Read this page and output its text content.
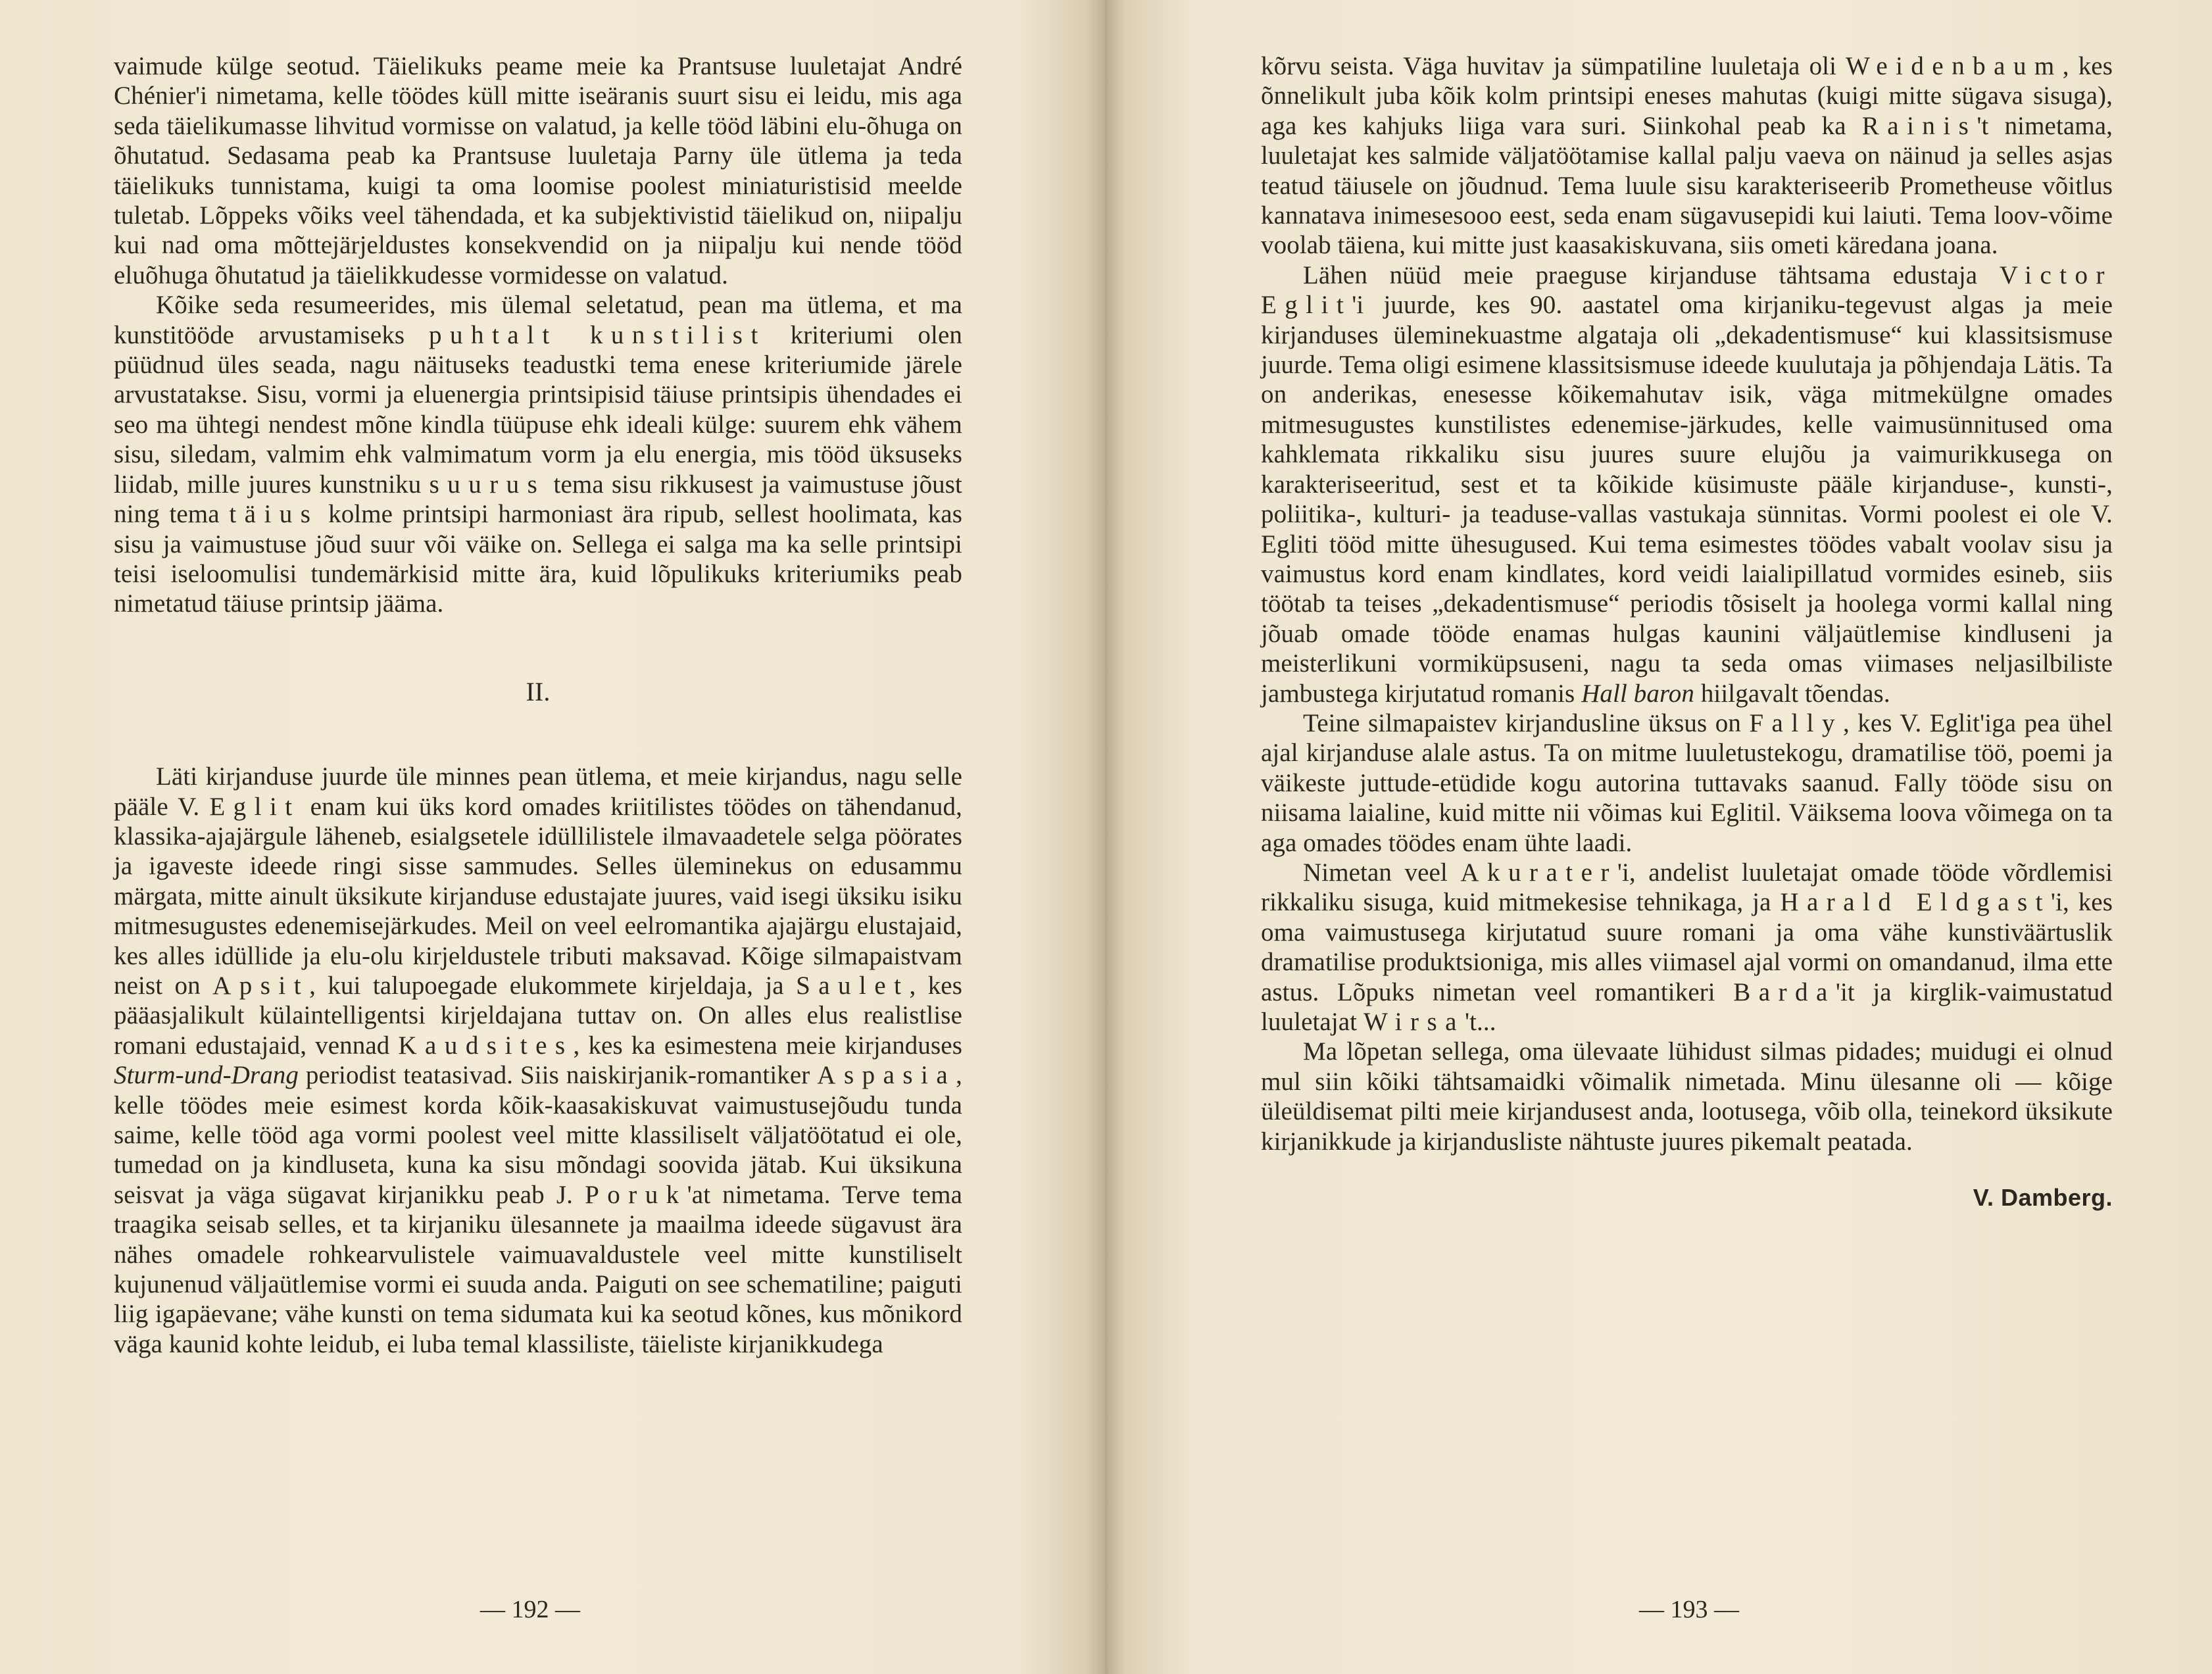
vaimude külge seotud. Täielikuks peame meie ka Prantsuse luuletajat André Chénier'i nimetama, kelle töödes küll mitte iseäranis suurt sisu ei leidu, mis aga seda täielikumasse lihvitud vormisse on valatud, ja kelle tööd läbini elu-õhuga on õhutatud. Sedasama peab ka Prantsuse luuletaja Parny üle ütlema ja teda täielikuks tunnistama, kuigi ta oma loomise poolest miniaturistisid meelde tuletab. Lõppeks võiks veel tähendada, et ka subjektivistid täielikud on, niipalju kui nad oma mõttejärjeldustes konsekvendid on ja niipalju kui nende tööd eluõhuga õhutatud ja täielikkudesse vormidesse on valatud.

Kõike seda resumeerides, mis ülemal seletatud, pean ma ütlema, et ma kunstitööde arvustamiseks puhtalt kunstilist kriteriumi olen püüdnud üles seada, nagu näituseks teadustki tema enese kriteriumide järele arvustatakse. Sisu, vormi ja eluenergia printsipisid täiuse printsipis ühendades ei seo ma ühtegi nendest mõne kindla tüüpuse ehk ideali külge: suurem ehk vähem sisu, siledam, valmim ehk valmimatum vorm ja elu energia, mis tööd üksuseks liidab, mille juures kunstniku suurus tema sisu rikkusest ja vaimustuse jõust ning tema täius kolme printsipi harmoniast ära ripub, sellest hoolimata, kas sisu ja vaimustuse jõud suur või väike on. Sellega ei salga ma ka selle printsipi teisi iseloomulisi tundemärkisid mitte ära, kuid lõpulikuks kriteriumiks peab nimetatud täiuse printsip jääma.

II.

Läti kirjanduse juurde üle minnes pean ütlema, et meie kirjandus, nagu selle pääle V. Eglit enam kui üks kord omades kriitilistes töödes on tähendanud, klassika-ajajärgule läheneb, esialgsetele idüllilistele ilmavaadetele selga pöörates ja igaveste ideede ringi sisse sammudes. Selles üleminekus on edusammu märgata, mitte ainult üksikute kirjanduse edustajate juures, vaid isegi üksiku isiku mitmesugustes edenemisejärkudes. Meil on veel eelromantika ajajärgu elustajaid, kes alles idüllide ja elu-olu kirjeldustele tributi maksavad. Kõige silmapaistvam neist on Apsit, kui talupoegade elukommete kirjeldaja, ja Saulet, kes pääasjalikult külaintelligentsi kirjeldajana tuttav on. On alles elus realistlise romani edustajaid, vennad Kaudsites, kes ka esimestena meie kirjanduses Sturm-und-Drang periodist teatasivad. Siis naiskirjanik-romantiker Aspasia, kelle töödes meie esimest korda kõik-kaasakiskuvat vaimustusejõudu tunda saime, kelle tööd aga vormi poolest veel mitte klassiliselt väljatöötatud ei ole, tumedad on ja kindluseta, kuna ka sisu mõndagi soovida jätab. Kui üksikuna seisvat ja väga sügavat kirjanikku peab J. Poruk'at nimetama. Terve tema traagika seisab selles, et ta kirjaniku ülesannete ja maailma ideede sügavust ära nähes omadele rohkearvulistele vaimuavaldustele veel mitte kunstiliselt kujunenud väljaütlemise vormi ei suuda anda. Paiguti on see schematiline; paiguti liig igapäevane; vähe kunsti on tema sidumata kui ka seotud kõnes, kus mõnikord väga kaunid kohte leidub, ei luba temal klassiliste, täieliste kirjanikkudega

— 192 —

kõrvu seista. Väga huvitav ja sümpatiline luuletaja oli Weidenbaum, kes õnnelikult juba kõik kolm printsipi eneses mahutas (kuigi mitte sügava sisuga), aga kes kahjuks liiga vara suri. Siinkohal peab ka Rainis't nimetama, luuletajat kes salmide väljatöötamise kallal palju vaeva on näinud ja selles asjas teatud täiusele on jõudnud. Tema luule sisu karakteriseerib Prometheuse võitlus kannatava inimesesooo eest, seda enam sügavusepidi kui laiuti. Tema loov-võime voolab täiena, kui mitte just kaasakiskuvana, siis ometi käredana joana.

Lähen nüüd meie praeguse kirjanduse tähtsama edustaja Victor Eglit'i juurde, kes 90. aastatel oma kirjaniku-tegevust algas ja meie kirjanduses üleminekuastme algataja oli „dekadentismuse“ kui klassitsismuse juurde. Tema oligi esimene klassitsismuse ideede kuulutaja ja põhjendaja Lätis. Ta on anderikas, enesesse kõikemahutav isik, väga mitmekülgne omades mitmesugustes kunstilistes edenemise-järkudes, kelle vaimusünnitused oma kahklemata rikkaliku sisu juures suure elujõu ja vaimurikkusega on karakteriseeritud, sest et ta kõikide küsimuste pääle kirjanduse-, kunsti-, poliitika-, kulturi- ja teaduse-vallas vastukaja sünnitas. Vormi poolest ei ole V. Egliti tööd mitte ühesugused. Kui tema esimestes töödes vabalt voolav sisu ja vaimustus kord enam kindlates, kord veidi laialipillatud vormides esineb, siis töötab ta teises „dekadentismuse“ periodis tõsiselt ja hoolega vormi kallal ning jõuab omade tööde enamas hulgas kaunini väljaütlemise kindluseni ja meisterlikuni vormiküpsuseni, nagu ta seda omas viimases neljasilbiliste jambustega kirjutatud romanis Hall baron hiilgavalt tõendas.

Teine silmapaistev kirjandusline üksus on Fally, kes V. Eglit'iga pea ühel ajal kirjanduse alale astus. Ta on mitme luuletustekogu, dramatilise töö, poemi ja väikeste juttude-etüdide kogu autorina tuttavaks saanud. Fally tööde sisu on niisama laialine, kuid mitte nii võimas kui Eglitil. Väiksema loova võimega on ta aga omades töödes enam ühte laadi.

Nimetan veel Akurater'i, andelist luuletajat omade tööde võrdlemisi rikkaliku sisuga, kuid mitmekesise tehnikaga, ja Harald Eldgast'i, kes oma vaimustusega kirjutatud suure romani ja oma vähe kunstiväärtuslik dramatilise produktsioniga, mis alles viimasel ajal vormi on omandanud, ilma ette astus. Lõpuks nimetan veel romantikeri Barda'it ja kirglik-vaimustatud luuletajat Wirsa't...

Ma lõpetan sellega, oma ülevaate lühidust silmas pidades; muidugi ei olnud mul siin kõiki tähtsamaidki võimalik nimetada. Minu ülesanne oli — kõige üleüldisemat pilti meie kirjandusest anda, lootusega, võib olla, teinekord üksikute kirjanikkude ja kirjandusliste nähtuste juures pikemalt peatada.

V. Damberg.
— 193 —
